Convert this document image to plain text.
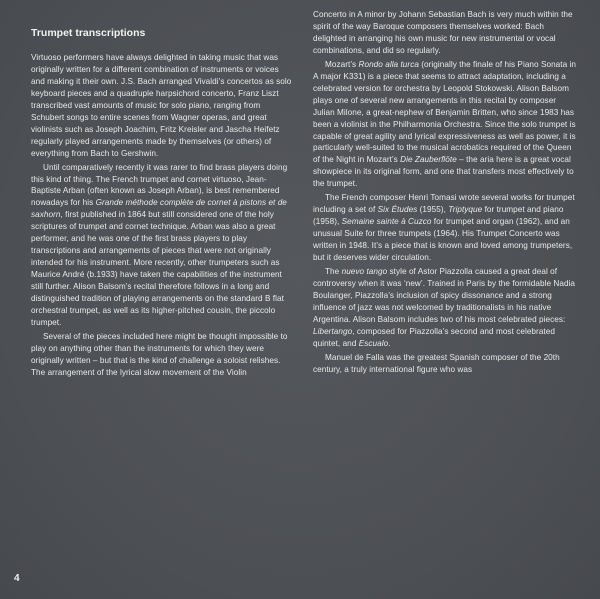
Trumpet transcriptions

Virtuoso performers have always delighted in taking music that was originally written for a different combination of instruments or voices and making it their own. J.S. Bach arranged Vivaldi’s concertos as solo keyboard pieces and a quadruple harpsichord concerto, Franz Liszt transcribed vast amounts of music for solo piano, ranging from Schubert songs to entire scenes from Wagner operas, and great violinists such as Joseph Joachim, Fritz Kreisler and Jascha Heifetz regularly played arrangements made by themselves (or others) of everything from Bach to Gershwin.

Until comparatively recently it was rarer to find brass players doing this kind of thing. The French trumpet and cornet virtuoso, Jean-Baptiste Arban (often known as Joseph Arban), is best remembered nowadays for his Grande méthode complète de cornet à pistons et de saxhorn, first published in 1864 but still considered one of the holy scriptures of trumpet and cornet technique. Arban was also a great performer, and he was one of the first brass players to play transcriptions and arrangements of pieces that were not originally intended for his instrument. More recently, other trumpeters such as Maurice André (b.1933) have taken the capabilities of the instrument still further. Alison Balsom’s recital therefore follows in a long and distinguished tradition of playing arrangements on the standard B flat orchestral trumpet, as well as its higher-pitched cousin, the piccolo trumpet.

Several of the pieces included here might be thought impossible to play on anything other than the instruments for which they were originally written – but that is the kind of challenge a soloist relishes. The arrangement of the lyrical slow movement of the Violin

Concerto in A minor by Johann Sebastian Bach is very much within the spirit of the way Baroque composers themselves worked: Bach delighted in arranging his own music for new instrumental or vocal combinations, and did so regularly.

Mozart’s Rondo alla turca (originally the finale of his Piano Sonata in A major K331) is a piece that seems to attract adaptation, including a celebrated version for orchestra by Leopold Stokowski. Alison Balsom plays one of several new arrangements in this recital by composer Julian Milone, a great-nephew of Benjamin Britten, who since 1983 has been a violinist in the Philharmonia Orchestra. Since the solo trumpet is capable of great agility and lyrical expressiveness as well as power, it is particularly well-suited to the musical acrobatics required of the Queen of the Night in Mozart’s Die Zauberflöte – the aria here is a great vocal showpiece in its original form, and one that transfers most effectively to the trumpet.

The French composer Henri Tomasi wrote several works for trumpet including a set of Six Études (1955), Triptyque for trumpet and piano (1958), Semaine sainte à Cuzco for trumpet and organ (1962), and an unusual Suite for three trumpets (1964). His Trumpet Concerto was written in 1948. It’s a piece that is known and loved among trumpeters, but it deserves wider circulation.

The nuevo tango style of Astor Piazzolla caused a great deal of controversy when it was ‘new’. Trained in Paris by the formidable Nadia Boulanger, Piazzolla’s inclusion of spicy dissonance and a strong influence of jazz was not welcomed by traditionalists in his native Argentina. Alison Balsom includes two of his most celebrated pieces: Libertango, composed for Piazzolla’s second and most celebrated quintet, and Escualo.

Manuel de Falla was the greatest Spanish composer of the 20th century, a truly international figure who was

4
